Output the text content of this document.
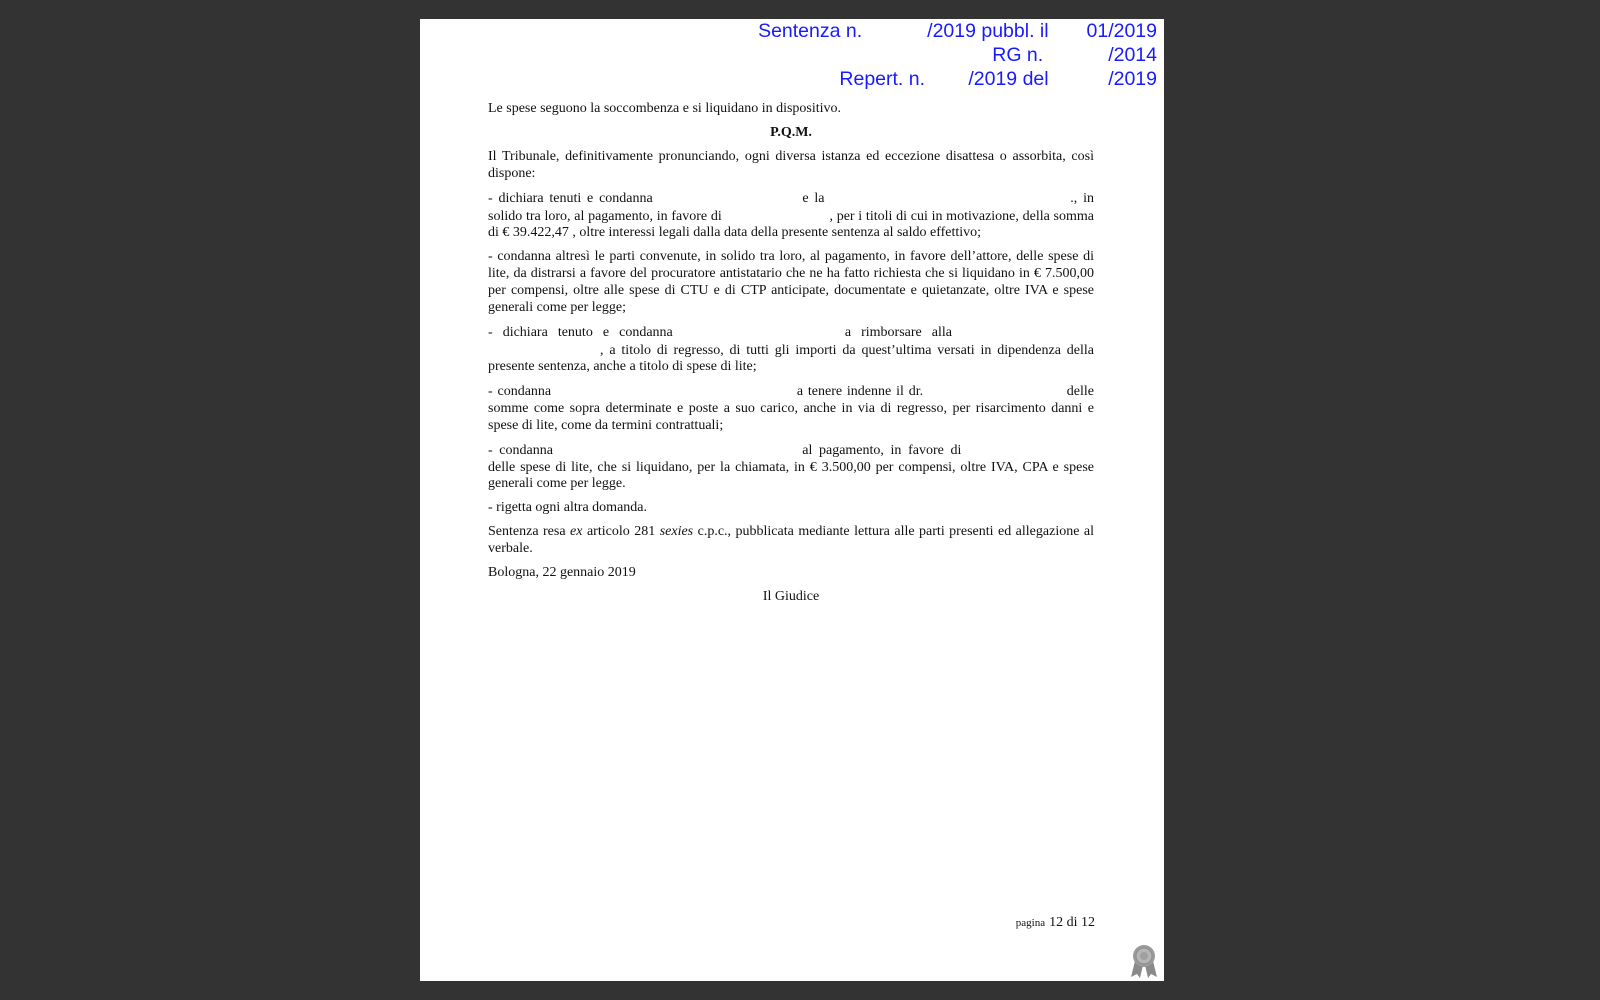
Sentenza n.            /2019 pubbl. il       01/2019
RG n.            /2014
Repert. n.        /2019 del           /2019

Le spese seguono la soccombenza e si liquidano in dispositivo.

P.Q.M.

Il Tribunale, definitivamente pronunciando, ogni diversa istanza ed eccezione disattesa o assorbita, così dispone:

- dichiara tenuti e condanna	e la	., in solido tra loro, al pagamento, in favore di	, per i titoli di cui in motivazione, della somma di € 39.422,47 , oltre interessi legali dalla data della presente sentenza al saldo effettivo;

- condanna altresì le parti convenute, in solido tra loro, al pagamento, in favore dell’attore, delle spese di lite, da distrarsi a favore del procuratore antistatario che ne ha fatto richiesta che si liquidano in € 7.500,00 per compensi, oltre alle spese di CTU e di CTP anticipate, documentate e quietanzate, oltre IVA e spese generali come per legge;

- dichiara tenuto e condanna	a rimborsare alla , a titolo di regresso, di tutti gli importi da quest’ultima versati in dipendenza della presente sentenza, anche a titolo di spese di lite;

- condanna	a tenere indenne il dr.	delle somme come sopra determinate e poste a suo carico, anche in via di regresso, per risarcimento danni e spese di lite, come da termini contrattuali;

- condanna	al pagamento, in favore di  delle spese di lite, che si liquidano, per la chiamata, in € 3.500,00 per compensi, oltre IVA, CPA e spese generali come per legge.

- rigetta ogni altra domanda.

Sentenza resa ex articolo 281 sexies c.p.c., pubblicata mediante lettura alle parti presenti ed allegazione al verbale.

Bologna, 22 gennaio 2019

Il Giudice

pagina 12 di 12
